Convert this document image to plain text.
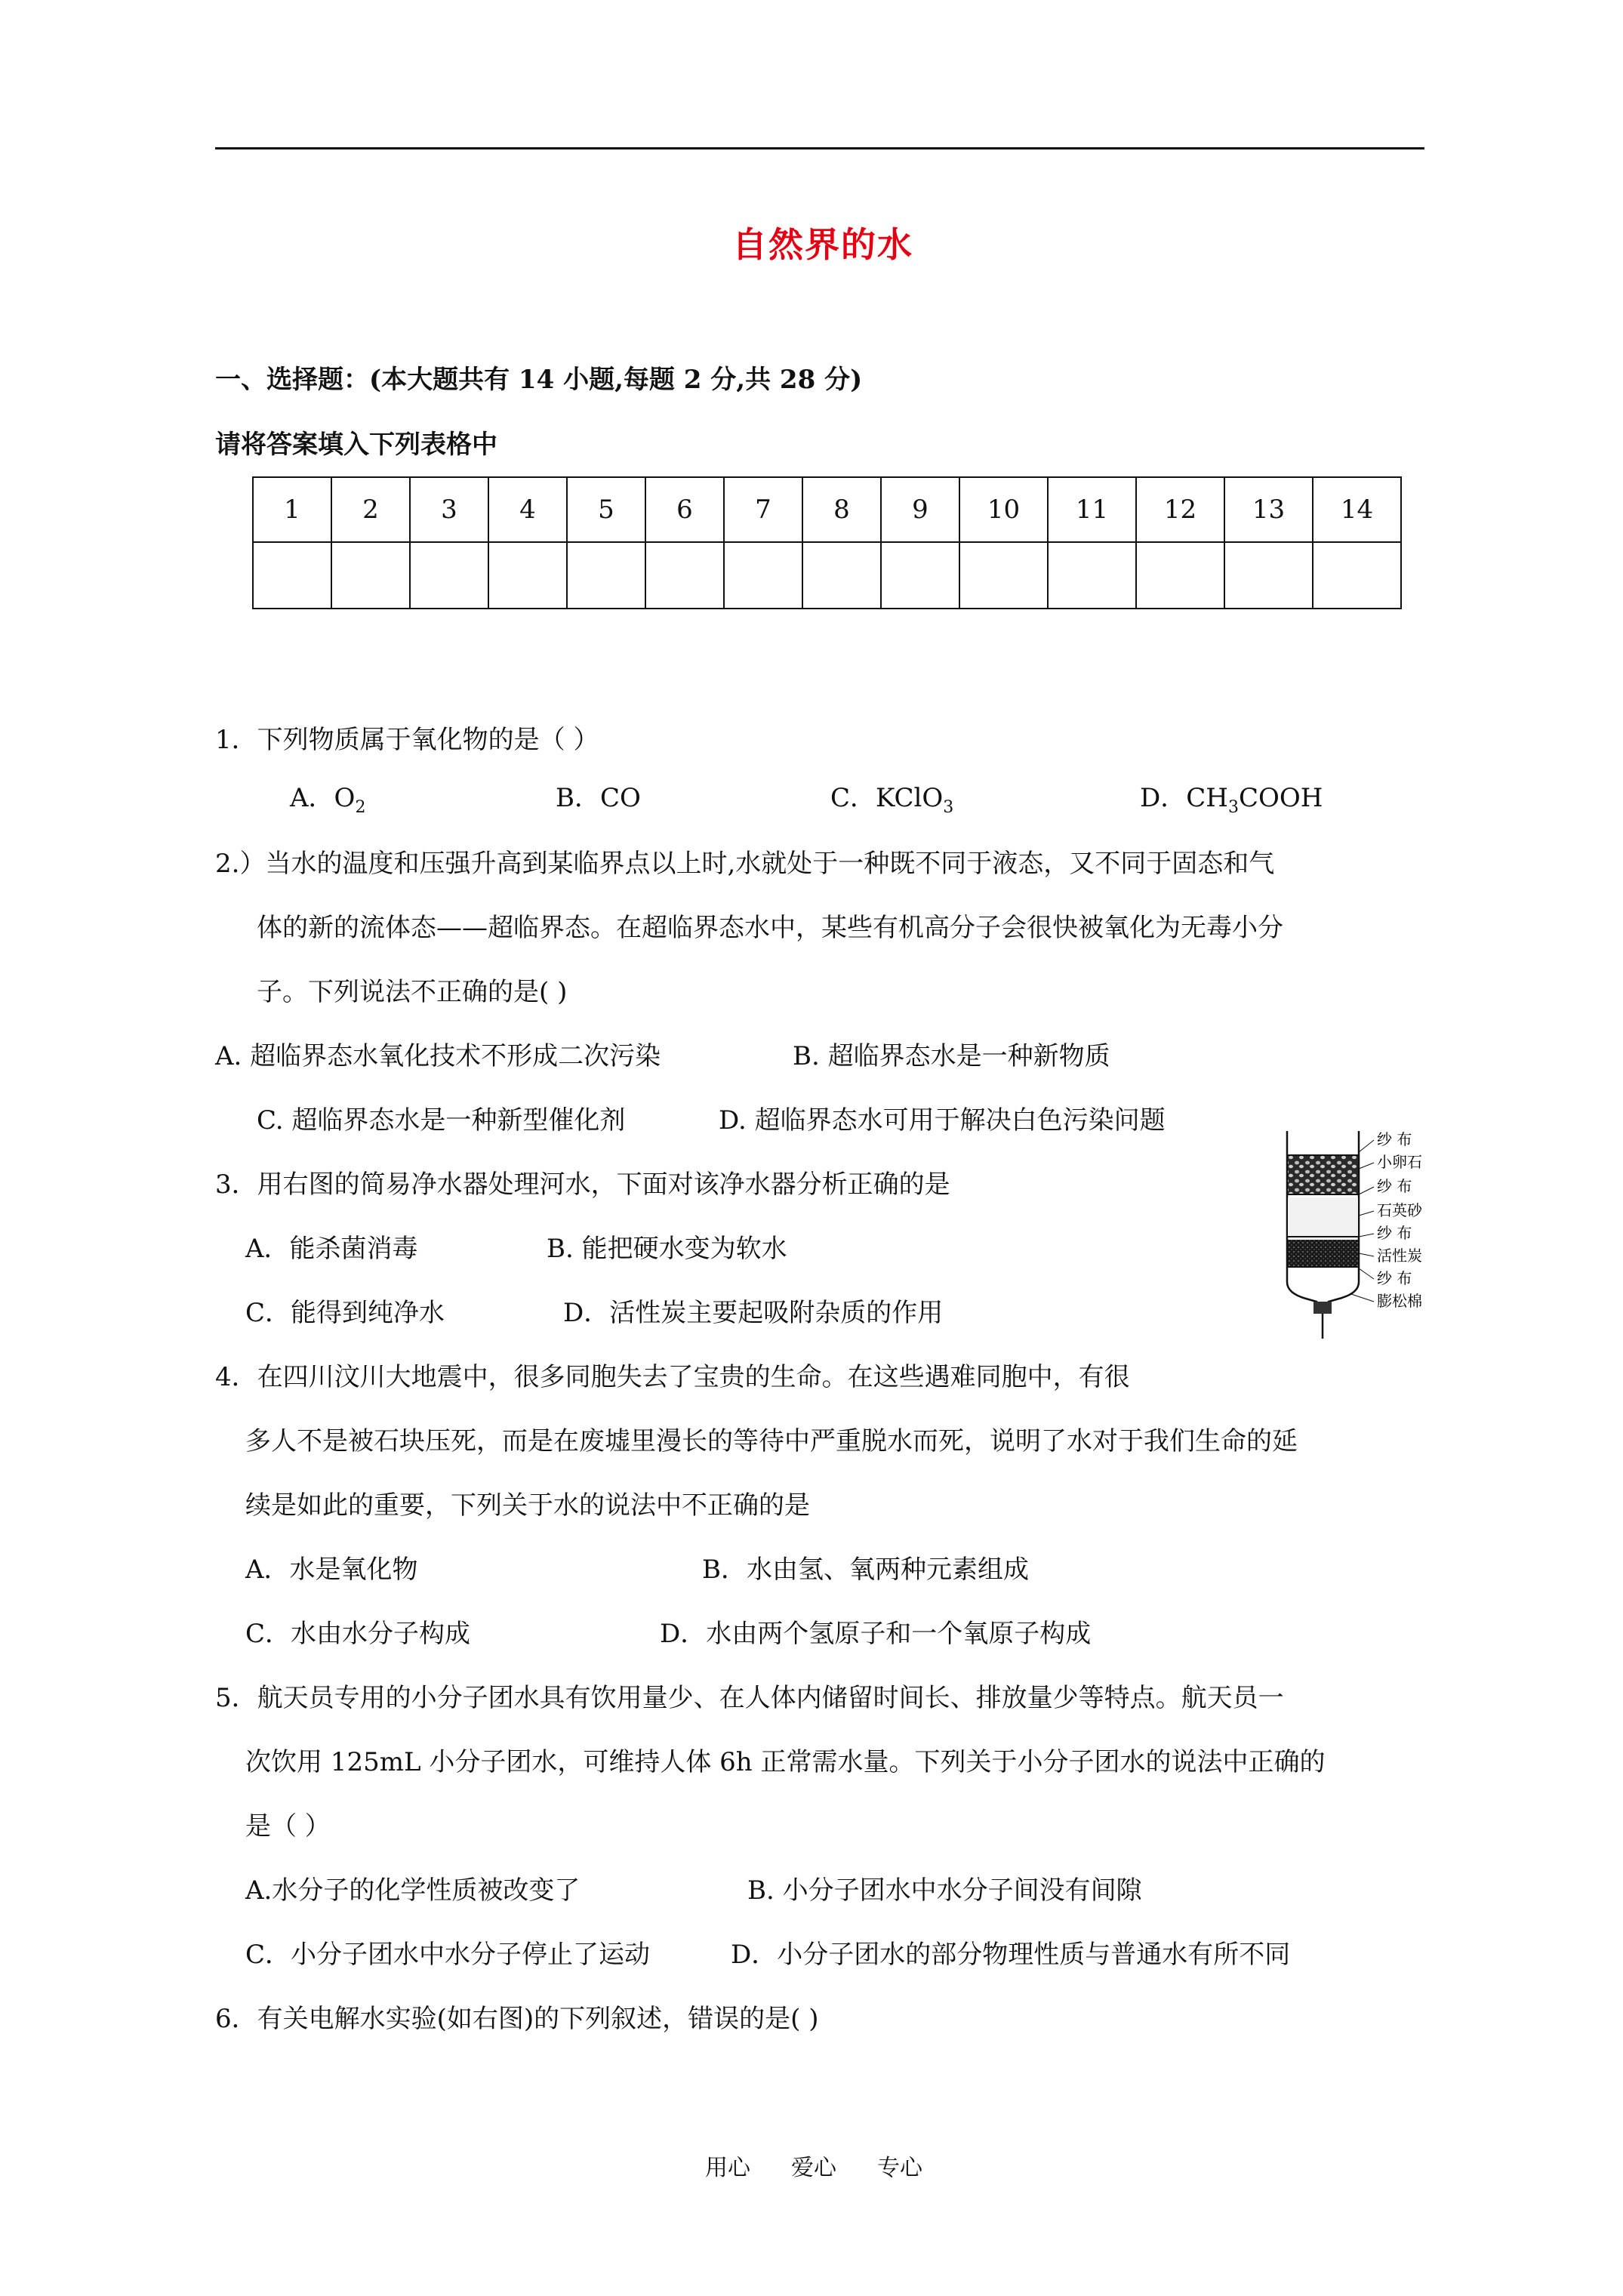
自然界的水
一、选择题：(本大题共有 14 小题,每题 2 分,共 28 分)
请将答案填入下列表格中
1	2	3	4	5	6	7	8	9	10	11	12	13	14

1．下列物质属于氧化物的是（ ）
A．$O_2$	B．CO	C．KClO$_3$	D．$CH_3COOH$
2.）当水的温度和压强升高到某临界点以上时,水就处于一种既不同于液态，又不同于固态和气
体的新的流体态——超临界态。在超临界态水中，某些有机高分子会很快被氧化为无毒小分
子。下列说法不正确的是( )
A. 超临界态水氧化技术不形成二次污染	B. 超临界态水是一种新物质
C. 超临界态水是一种新型催化剂	D. 超临界态水可用于解决白色污染问题
3．用右图的简易净水器处理河水，下面对该净水器分析正确的是
A．能杀菌消毒	B. 能把硬水变为软水
C．能得到纯净水	D．活性炭主要起吸附杂质的作用
纱 布
小卵石
纱 布
石英砂
纱 布
活性炭
纱 布
膨松棉
4．在四川汶川大地震中，很多同胞失去了宝贵的生命。在这些遇难同胞中，有很
多人不是被石块压死，而是在废墟里漫长的等待中严重脱水而死，说明了水对于我们生命的延
续是如此的重要，下列关于水的说法中不正确的是
A．水是氧化物	B．水由氢、氧两种元素组成
C．水由水分子构成	D．水由两个氢原子和一个氧原子构成
5．航天员专用的小分子团水具有饮用量少、在人体内储留时间长、排放量少等特点。航天员一
次饮用 125mL 小分子团水，可维持人体 6h 正常需水量。下列关于小分子团水的说法中正确的
是（ ）
A.水分子的化学性质被改变了	B. 小分子团水中水分子间没有间隙
C．小分子团水中水分子停止了运动	D．小分子团水的部分物理性质与普通水有所不同
6．有关电解水实验(如右图)的下列叙述，错误的是( )
用心 爱心 专心
